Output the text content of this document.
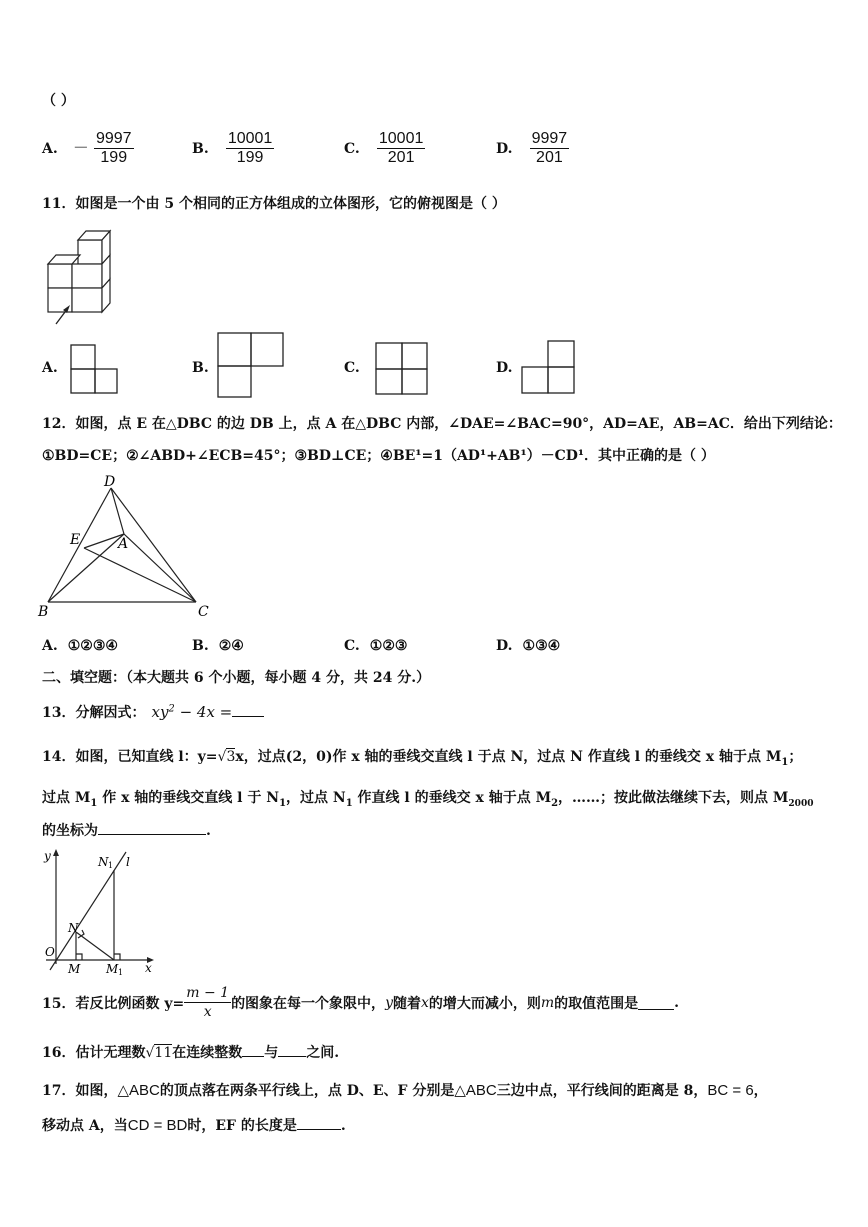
（ ）
A. － $\frac{9997}{199}$	B. $\frac{10001}{199}$	C. $\frac{10001}{201}$	D. $\frac{9997}{201}$
11．如图是一个由 5 个相同的正方体组成的立体图形，它的俯视图是（ ）
A.	B.	C.	D.
12．如图，点 E 在△DBC 的边 DB 上，点 A 在△DBC 内部，∠DAE=∠BAC=90°，AD=AE，AB=AC．给出下列结论：
①BD=CE；②∠ABD+∠ECB=45°；③BD⊥CE；④BE¹=1（AD¹+AB¹）－CD¹．其中正确的是（ ）
D
E	A
B	C
A. ①②③④	B. ②④	C. ①②③	D. ①③④
二、填空题：（本大题共 6 个小题，每小题 4 分，共 24 分.）
13．分解因式： $xy^2 - 4x$ =
14．如图，已知直线 l：y=√3x，过点(2，0)作 x 轴的垂线交直线 l 于点 N，过点 N 作直线 l 的垂线交 x 轴于点 $M_1$；
过点 $M_1$ 作 x 轴的垂线交直线 l 于 $N_1$，过点 $N_1$ 作直线 l 的垂线交 x 轴于点 $M_2$，……；按此做法继续下去，则点 $M_{2000}$
的坐标为	.
y
x
O
N
M M 1
N 1 l
15．若反比例函数 $y= \frac{m - 1}{x}$ 的图象在每一个象限中， y 随着 x 的增大而减小，则 m 的取值范围是	.
16．估计无理数√11在连续整数 与 之间.
17．如图，△ABC的顶点落在两条平行线上，点 D、E、F 分别是△ABC三边中点，平行线间的距离是 8，BC = 6，
移动点 A，当CD = BD时，EF 的长度是	.
